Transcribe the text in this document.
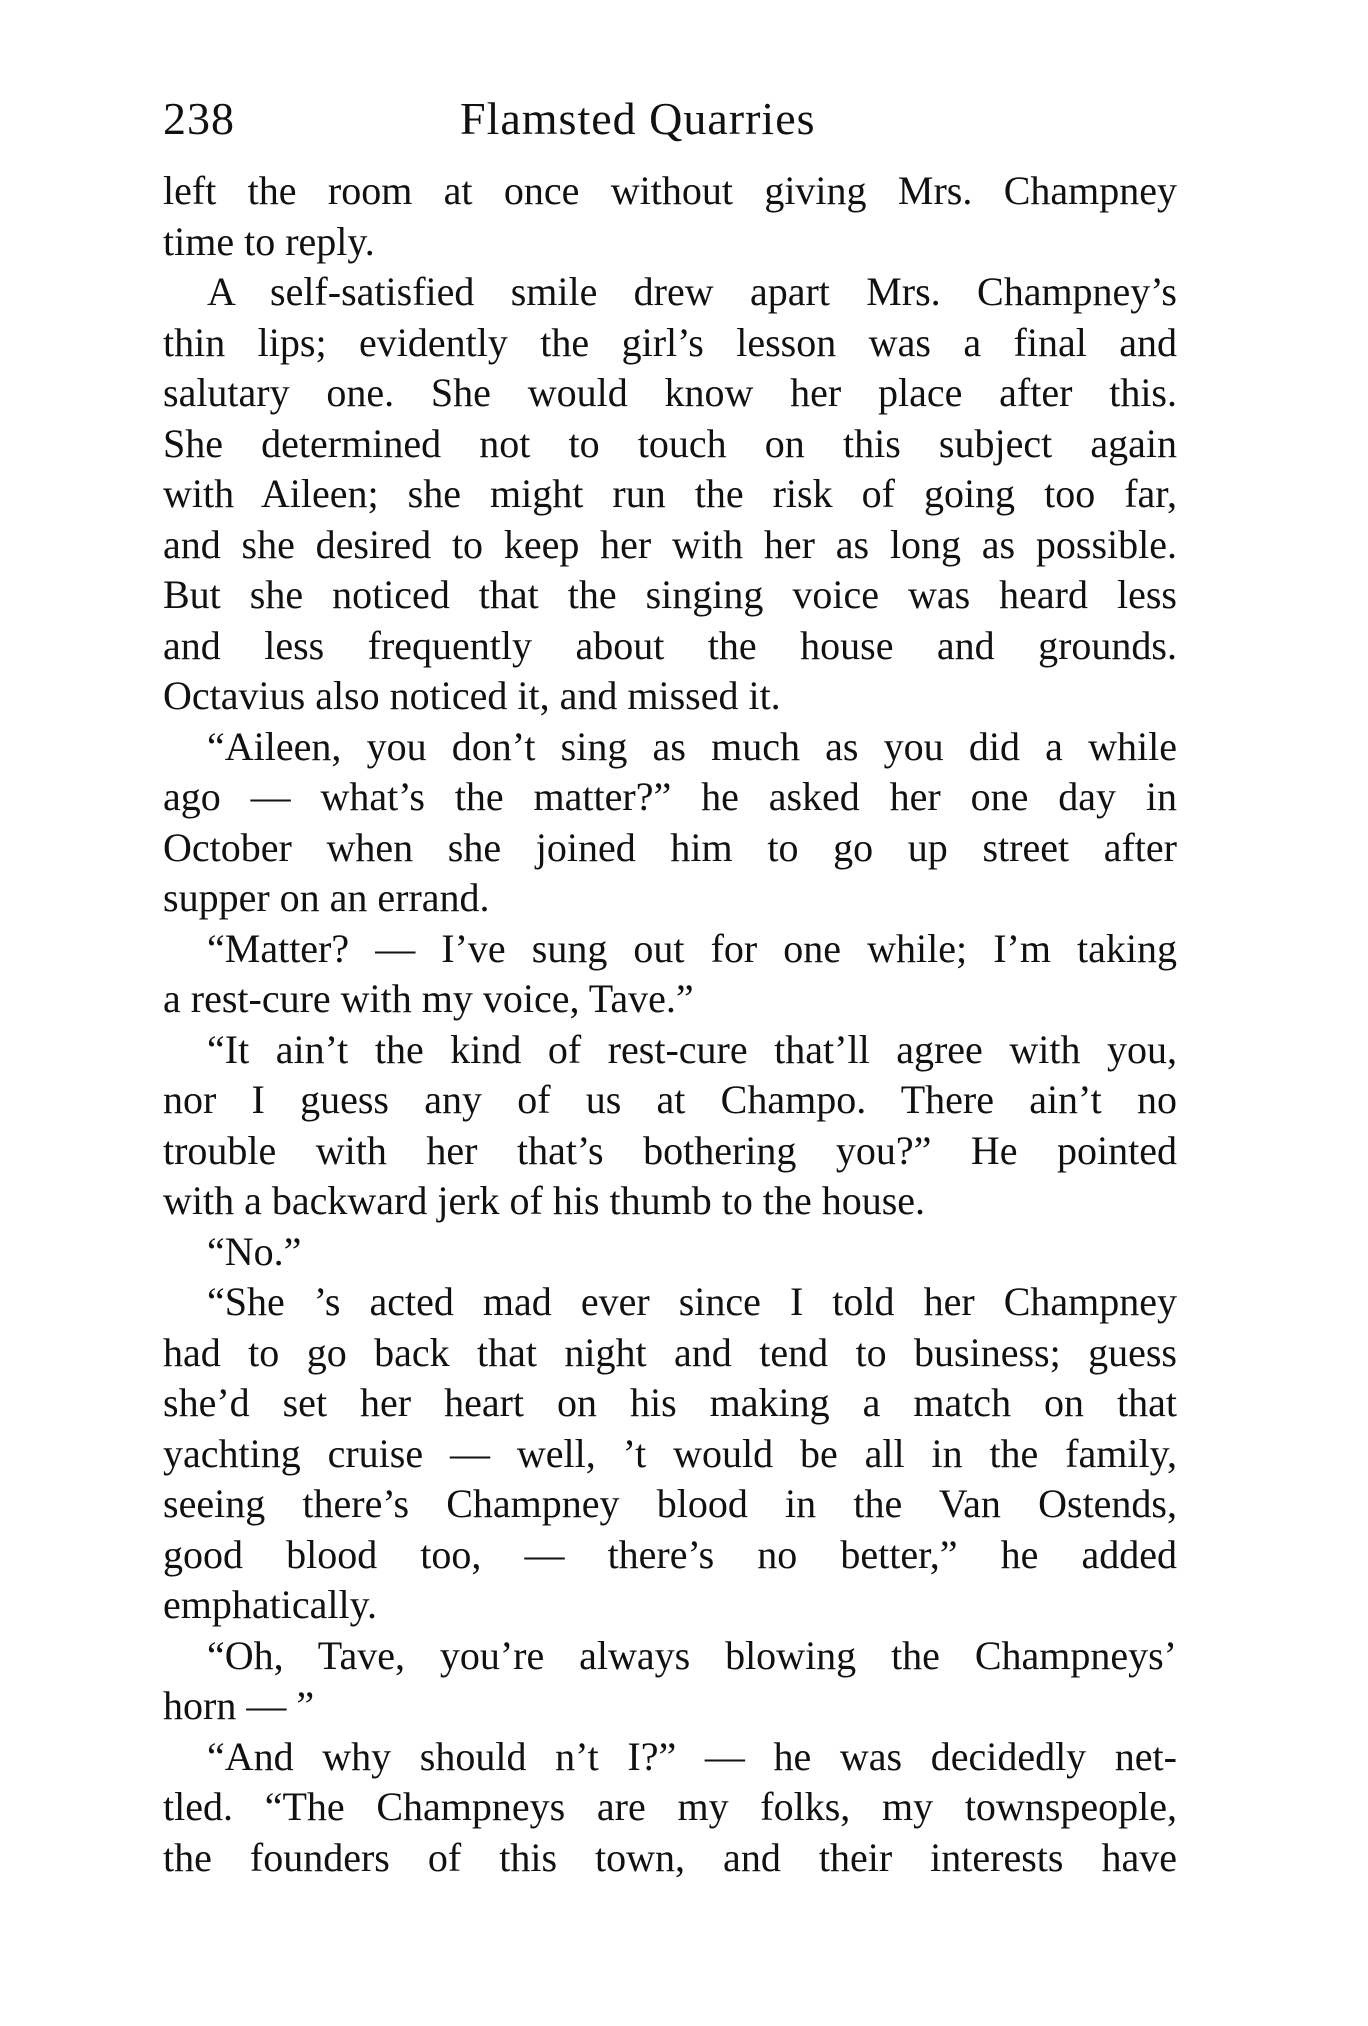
238	Flamsted Quarries
left the room at once without giving Mrs. Champney
time to reply.
A self-satisfied smile drew apart Mrs. Champney’s
thin lips; evidently the girl’s lesson was a final and
salutary one. She would know her place after this.
She determined not to touch on this subject again
with Aileen; she might run the risk of going too far,
and she desired to keep her with her as long as possible.
But she noticed that the singing voice was heard less
and less frequently about the house and grounds.
Octavius also noticed it, and missed it.
“Aileen, you don’t sing as much as you did a while
ago — what’s the matter?” he asked her one day in
October when she joined him to go up street after
supper on an errand.
“Matter? — I’ve sung out for one while; I’m taking
a rest-cure with my voice, Tave.”
“It ain’t the kind of rest-cure that’ll agree with you,
nor I guess any of us at Champo. There ain’t no
trouble with her that’s bothering you?” He pointed
with a backward jerk of his thumb to the house.
“No.”
“She ’s acted mad ever since I told her Champney
had to go back that night and tend to business; guess
she’d set her heart on his making a match on that
yachting cruise — well, ’t would be all in the family,
seeing there’s Champney blood in the Van Ostends,
good blood too, — there’s no better,” he added
emphatically.
“Oh, Tave, you’re always blowing the Champneys’
horn — ”
“And why should n’t I?” — he was decidedly net-
tled. “The Champneys are my folks, my townspeople,
the founders of this town, and their interests have
